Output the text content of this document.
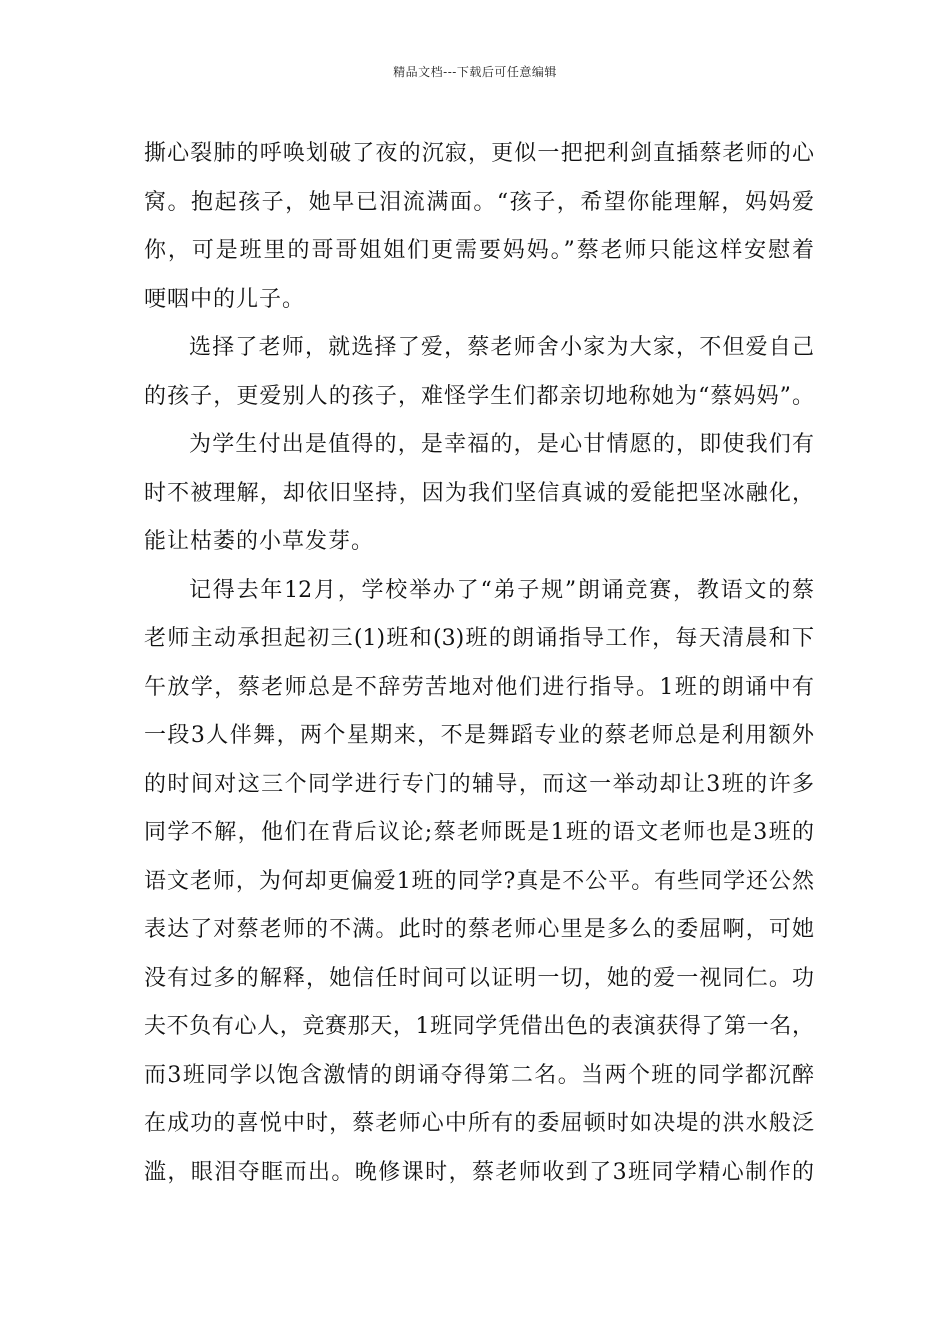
精品文档---下载后可任意编辑
撕心裂肺的呼唤划破了夜的沉寂，更似一把把利剑直插蔡老师的心
窝。抱起孩子，她早已泪流满面。“孩子，希望你能理解，妈妈爱
你，可是班里的哥哥姐姐们更需要妈妈。”蔡老师只能这样安慰着
哽咽中的儿子。
选择了老师，就选择了爱，蔡老师舍小家为大家，不但爱自己
的孩子，更爱别人的孩子，难怪学生们都亲切地称她为“蔡妈妈”。
为学生付出是值得的，是幸福的，是心甘情愿的，即使我们有
时不被理解，却依旧坚持，因为我们坚信真诚的爱能把坚冰融化，
能让枯萎的小草发芽。
记得去年12月，学校举办了“弟子规”朗诵竞赛，教语文的蔡
老师主动承担起初三(1)班和(3)班的朗诵指导工作，每天清晨和下
午放学，蔡老师总是不辞劳苦地对他们进行指导。1班的朗诵中有
一段3人伴舞，两个星期来，不是舞蹈专业的蔡老师总是利用额外
的时间对这三个同学进行专门的辅导，而这一举动却让3班的许多
同学不解，他们在背后议论;蔡老师既是1班的语文老师也是3班的
语文老师，为何却更偏爱1班的同学?真是不公平。有些同学还公然
表达了对蔡老师的不满。此时的蔡老师心里是多么的委屈啊，可她
没有过多的解释，她信任时间可以证明一切，她的爱一视同仁。功
夫不负有心人，竞赛那天，1班同学凭借出色的表演获得了第一名，
而3班同学以饱含激情的朗诵夺得第二名。当两个班的同学都沉醉
在成功的喜悦中时，蔡老师心中所有的委屈顿时如决堤的洪水般泛
滥，眼泪夺眶而出。晚修课时，蔡老师收到了3班同学精心制作的
